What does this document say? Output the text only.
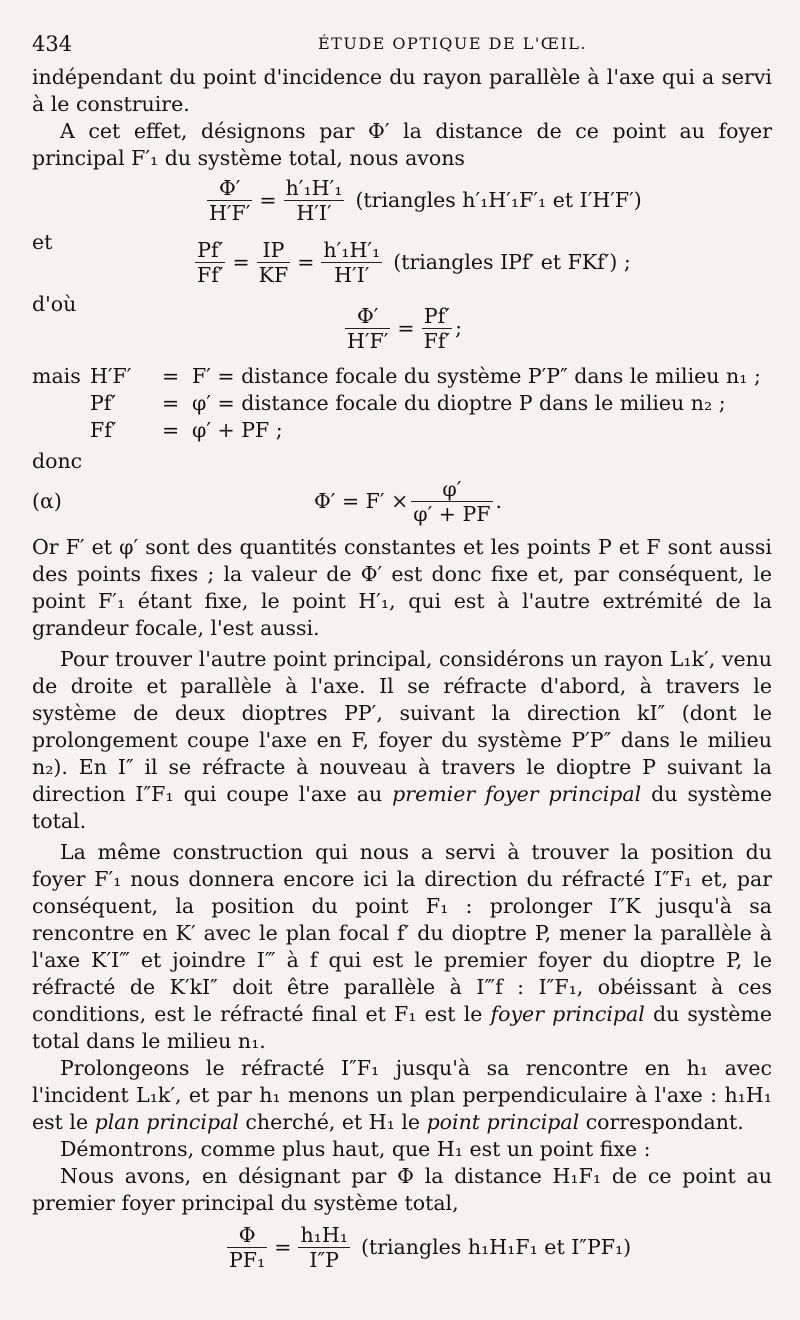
434	ÉTUDE OPTIQUE DE L'ŒIL.

indépendant du point d'incidence du rayon parallèle à l'axe qui a servi à le construire.

A cet effet, désignons par Φ′ la distance de ce point au foyer principal F′₁ du système total, nous avons

$\frac{\Phi'}{H'F'} = \frac{\text{h′₁H′₁}}{H'I'}$ (triangles h′₁H′₁F′₁ et I′H′F′)

et	$\frac{Pf'}{Ff'} = \frac{IP}{KF} = \frac{\text{h′₁H′₁}}{H'I'}$ (triangles IPf′ et FKf′) ;

d'où	$\frac{\Phi'}{H'F'} = \frac{Pf'}{Ff'}$ ;
mais H′F′	= F′ = distance focale du système P′P″ dans le milieu n₁ ;
Pf′	= φ′ = distance focale du dioptre P dans le milieu n₂ ;
Ff′	= φ′ + PF ;

donc

(α)	$\Phi' = F' \times \frac{\varphi'}{\varphi' + PF}$ .

Or F′ et φ′ sont des quantités constantes et les points P et F sont aussi des points fixes ; la valeur de Φ′ est donc fixe et, par conséquent, le point F′₁ étant fixe, le point H′₁, qui est à l'autre extrémité de la grandeur focale, l'est aussi.

Pour trouver l'autre point principal, considérons un rayon L₁k′, venu de droite et parallèle à l'axe. Il se réfracte d'abord, à travers le système de deux dioptres PP′, suivant la direction kI″ (dont le prolongement coupe l'axe en F, foyer du système P′P″ dans le milieu n₂). En I″ il se réfracte à nouveau à travers le dioptre P suivant la direction I″F₁ qui coupe l'axe au premier foyer principal du système total.

La même construction qui nous a servi à trouver la position du foyer F′₁ nous donnera encore ici la direction du réfracté I″F₁ et, par conséquent, la position du point F₁ : prolonger I″K jusqu'à sa rencontre en K′ avec le plan focal f′ du dioptre P, mener la parallèle à l'axe K′I‴ et joindre I‴ à f qui est le premier foyer du dioptre P, le réfracté de K′kI″ doit être parallèle à I‴f : I″F₁, obéissant à ces conditions, est le réfracté final et F₁ est le foyer principal du système total dans le milieu n₁.

Prolongeons le réfracté I″F₁ jusqu'à sa rencontre en h₁ avec l'incident L₁k′, et par h₁ menons un plan perpendiculaire à l'axe : h₁H₁ est le plan principal cherché, et H₁ le point principal correspondant.

Démontrons, comme plus haut, que H₁ est un point fixe :

Nous avons, en désignant par Φ la distance H₁F₁ de ce point au premier foyer principal du système total,

$\frac{\Phi}{\text{PF₁}} = \frac{\text{h₁H₁}}{I''P}$ (triangles h₁H₁F₁ et I″PF₁)
